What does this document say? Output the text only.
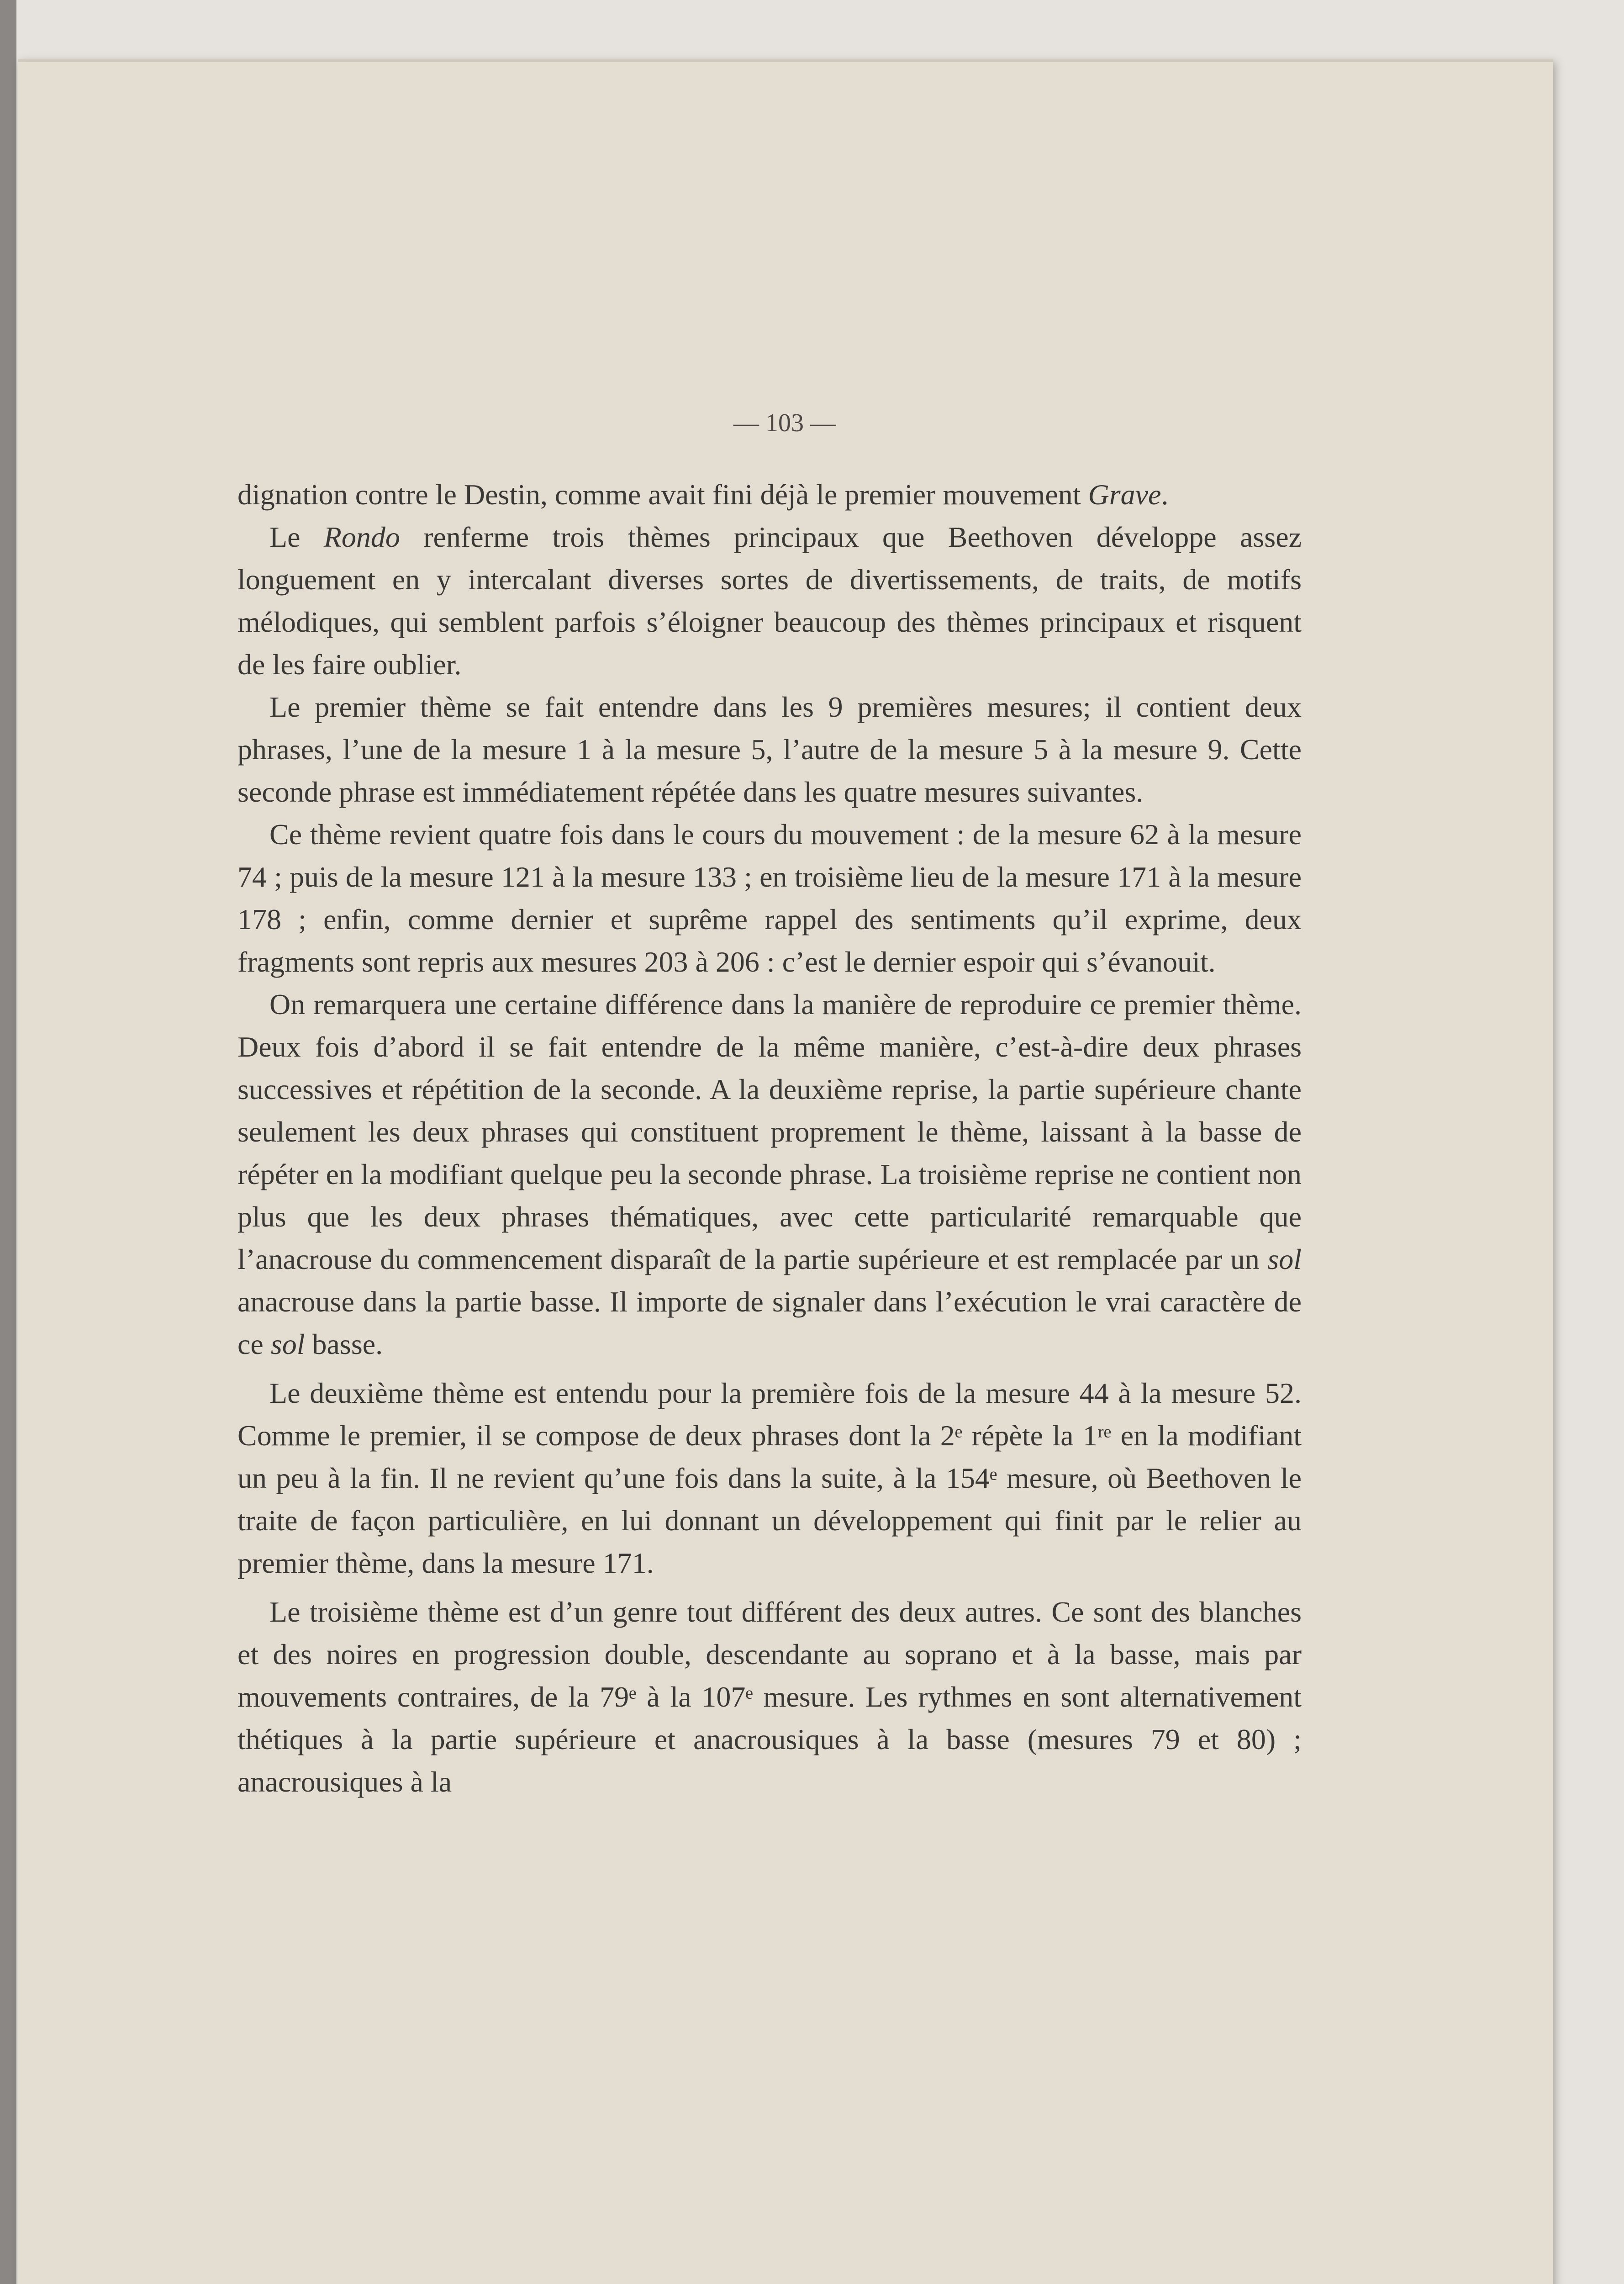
— 103 —

dignation contre le Destin, comme avait fini déjà le premier mouvement Grave.

Le Rondo renferme trois thèmes principaux que Beethoven développe assez longuement en y intercalant diverses sortes de divertissements, de traits, de motifs mélodiques, qui semblent parfois s’éloigner beaucoup des thèmes principaux et risquent de les faire oublier.

Le premier thème se fait entendre dans les 9 premières mesures; il contient deux phrases, l’une de la mesure 1 à la mesure 5, l’autre de la mesure 5 à la mesure 9. Cette seconde phrase est immédiatement répétée dans les quatre mesures suivantes.

Ce thème revient quatre fois dans le cours du mouvement : de la mesure 62 à la mesure 74 ; puis de la mesure 121 à la mesure 133 ; en troisième lieu de la mesure 171 à la mesure 178 ; enfin, comme dernier et suprême rappel des sentiments qu’il exprime, deux fragments sont repris aux mesures 203 à 206 : c’est le dernier espoir qui s’évanouit.

On remarquera une certaine différence dans la manière de reproduire ce premier thème. Deux fois d’abord il se fait entendre de la même manière, c’est-à-dire deux phrases successives et répétition de la seconde. A la deuxième reprise, la partie supérieure chante seulement les deux phrases qui constituent proprement le thème, laissant à la basse de répéter en la modifiant quelque peu la seconde phrase. La troisième reprise ne contient non plus que les deux phrases thématiques, avec cette particularité remarquable que l’anacrouse du commencement disparaît de la partie supérieure et est remplacée par un sol anacrouse dans la partie basse. Il importe de signaler dans l’exécution le vrai caractère de ce sol basse.

Le deuxième thème est entendu pour la première fois de la mesure 44 à la mesure 52. Comme le premier, il se compose de deux phrases dont la 2ᵉ répète la 1ʳᵉ en la modifiant un peu à la fin. Il ne revient qu’une fois dans la suite, à la 154ᵉ mesure, où Beethoven le traite de façon particulière, en lui donnant un développement qui finit par le relier au premier thème, dans la mesure 171.

Le troisième thème est d’un genre tout différent des deux autres. Ce sont des blanches et des noires en progression double, descendante au soprano et à la basse, mais par mouvements contraires, de la 79ᵉ à la 107ᵉ mesure. Les rythmes en sont alternativement thétiques à la partie supérieure et anacrousiques à la basse (mesures 79 et 80) ; anacrousiques à la
